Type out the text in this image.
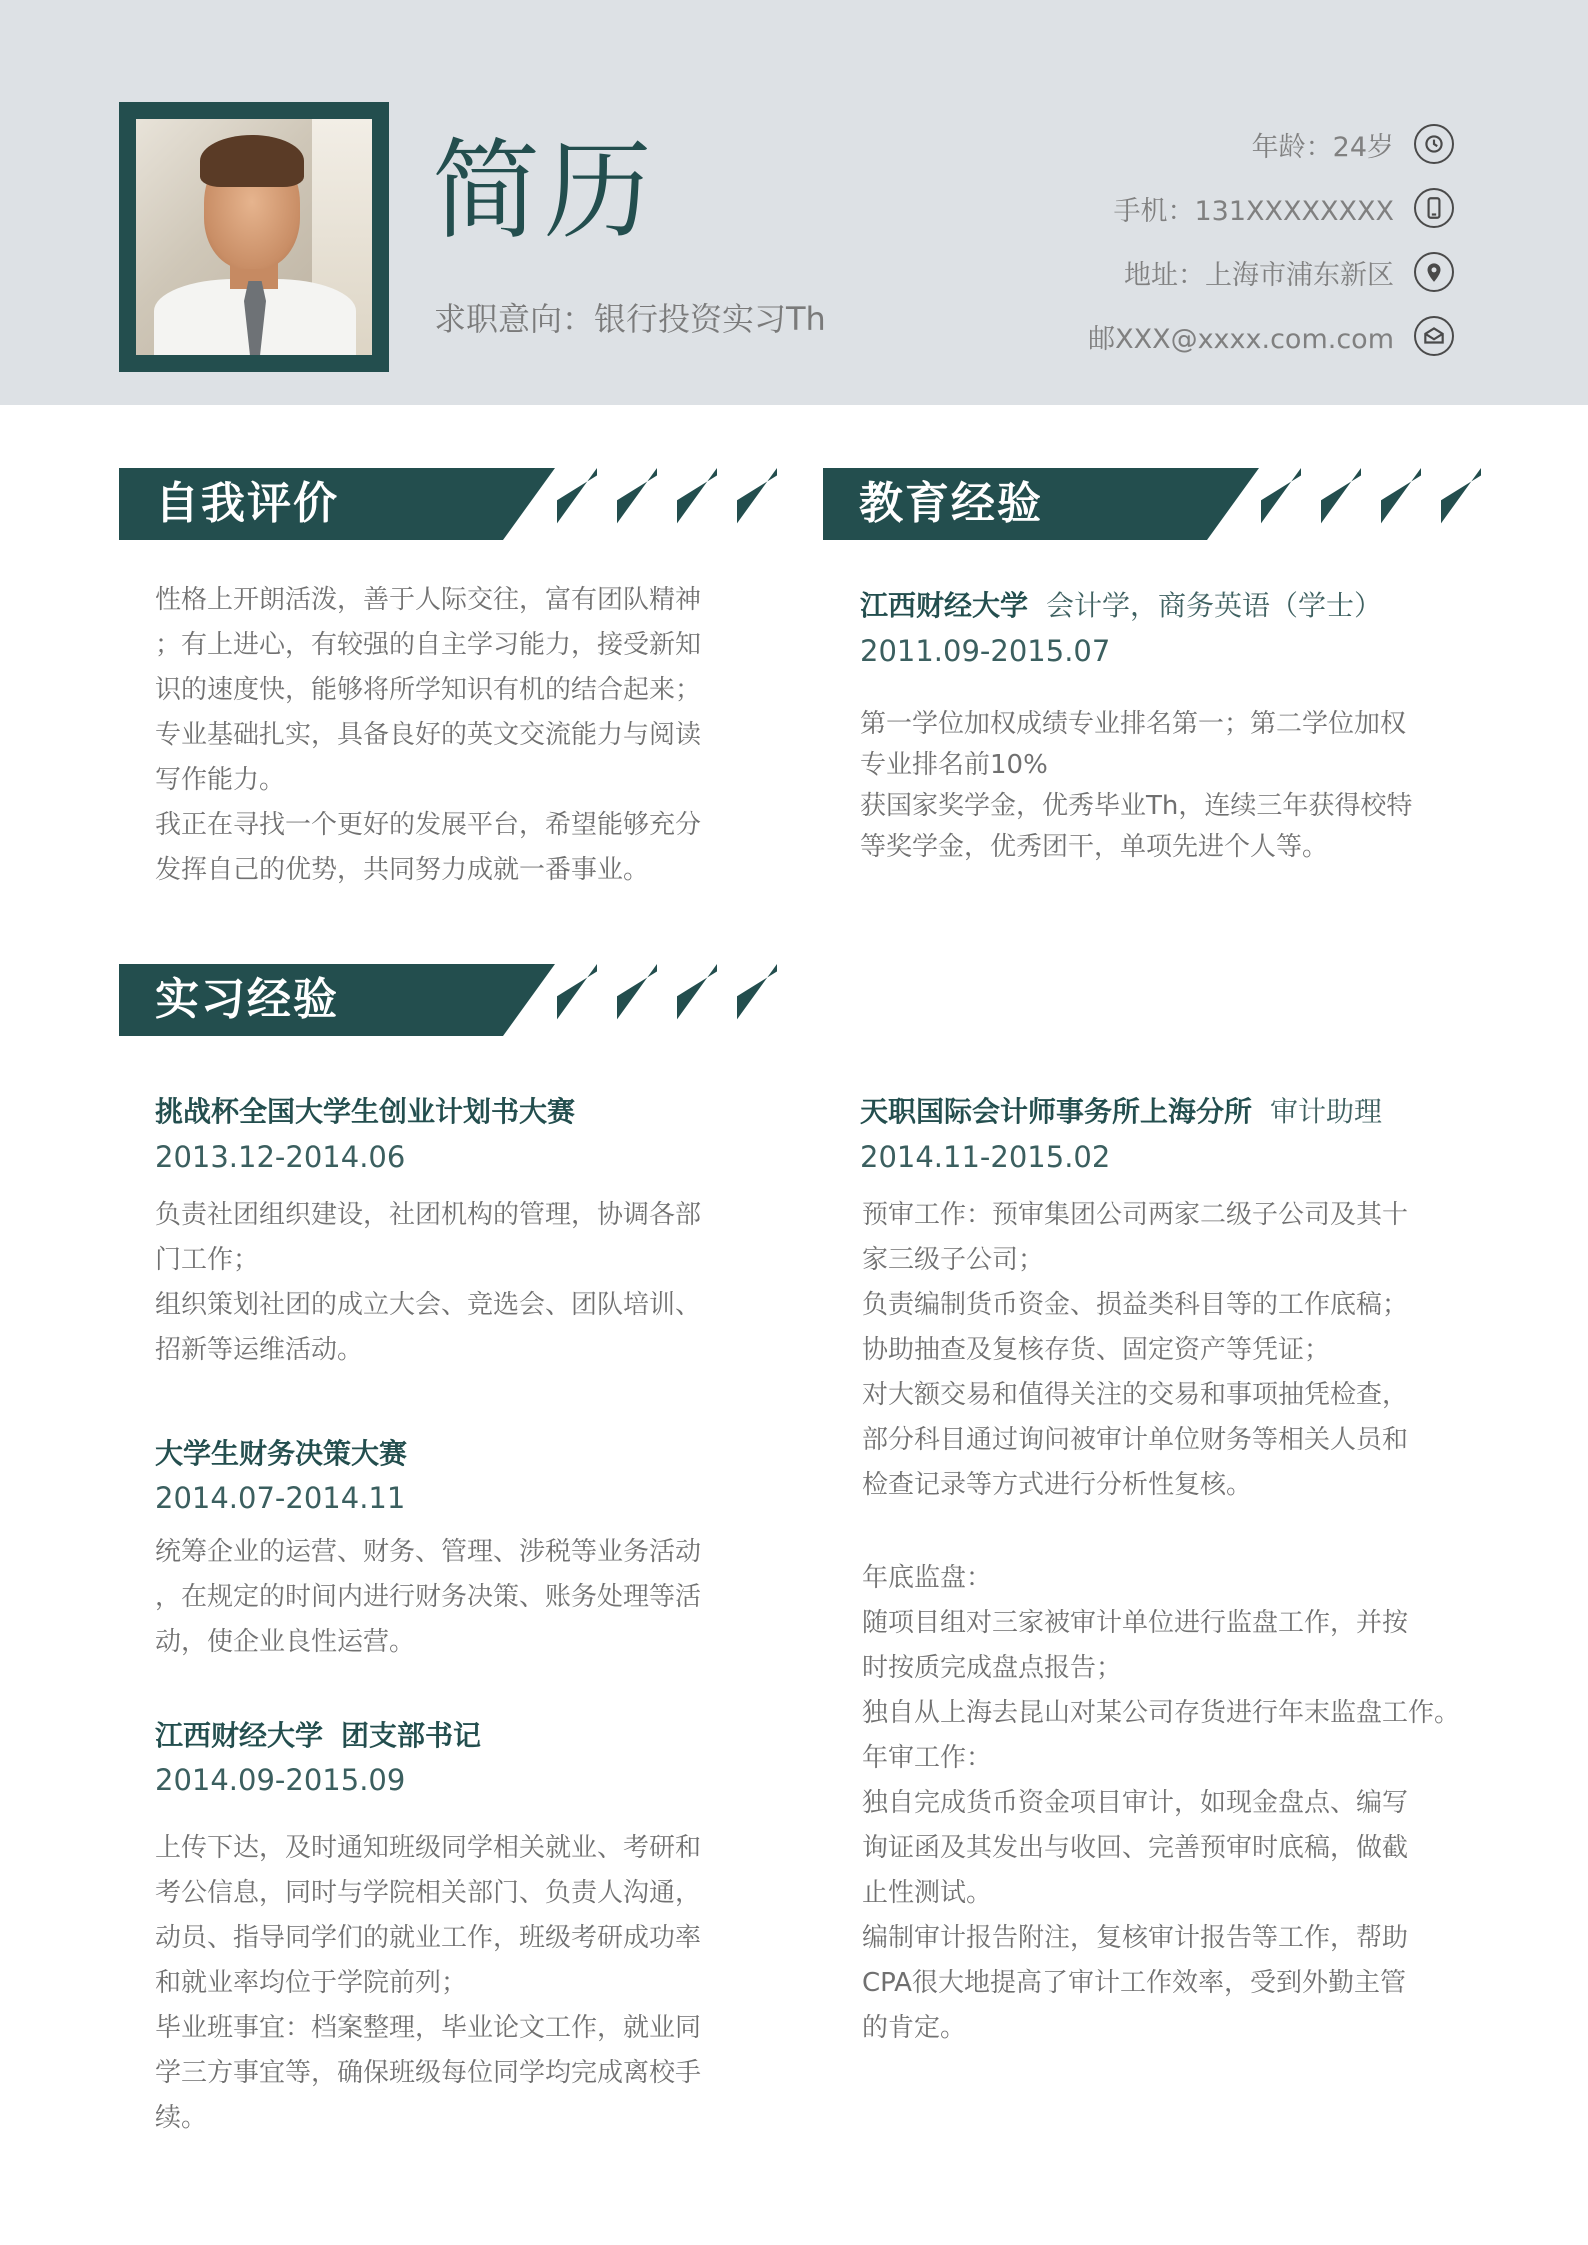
简历
求职意向：银行投资实习Th
年龄：24岁
手机：131XXXXXXXX
地址：上海市浦东新区
邮XXX@xxxx.com.com
自我评价
性格上开朗活泼，善于人际交往，富有团队精神
；有上进心，有较强的自主学习能力，接受新知
识的速度快，能够将所学知识有机的结合起来；
专业基础扎实，具备良好的英文交流能力与阅读
写作能力。
我正在寻找一个更好的发展平台，希望能够充分
发挥自己的优势，共同努力成就一番事业。
教育经验
江西财经大学 会计学，商务英语（学士）
2011.09-2015.07
第一学位加权成绩专业排名第一；第二学位加权
专业排名前10%
获国家奖学金，优秀毕业Th，连续三年获得校特
等奖学金，优秀团干，单项先进个人等。
实习经验
挑战杯全国大学生创业计划书大赛
2013.12-2014.06
负责社团组织建设，社团机构的管理，协调各部
门工作；
组织策划社团的成立大会、竞选会、团队培训、
招新等运维活动。
大学生财务决策大赛
2014.07-2014.11
统筹企业的运营、财务、管理、涉税等业务活动
，在规定的时间内进行财务决策、账务处理等活
动，使企业良性运营。
江西财经大学 团支部书记
2014.09-2015.09
上传下达，及时通知班级同学相关就业、考研和
考公信息，同时与学院相关部门、负责人沟通，
动员、指导同学们的就业工作，班级考研成功率
和就业率均位于学院前列；
毕业班事宜：档案整理，毕业论文工作，就业同
学三方事宜等，确保班级每位同学均完成离校手续。
天职国际会计师事务所上海分所 审计助理
2014.11-2015.02
预审工作：预审集团公司两家二级子公司及其十
家三级子公司；
负责编制货币资金、损益类科目等的工作底稿；
协助抽查及复核存货、固定资产等凭证；
对大额交易和值得关注的交易和事项抽凭检查，
部分科目通过询问被审计单位财务等相关人员和
检查记录等方式进行分析性复核。
年底监盘：
随项目组对三家被审计单位进行监盘工作，并按
时按质完成盘点报告；
独自从上海去昆山对某公司存货进行年末监盘工作。
年审工作：
独自完成货币资金项目审计，如现金盘点、编写
询证函及其发出与收回、完善预审时底稿，做截
止性测试。
编制审计报告附注，复核审计报告等工作，帮助
CPA很大地提高了审计工作效率，受到外勤主管
的肯定。
